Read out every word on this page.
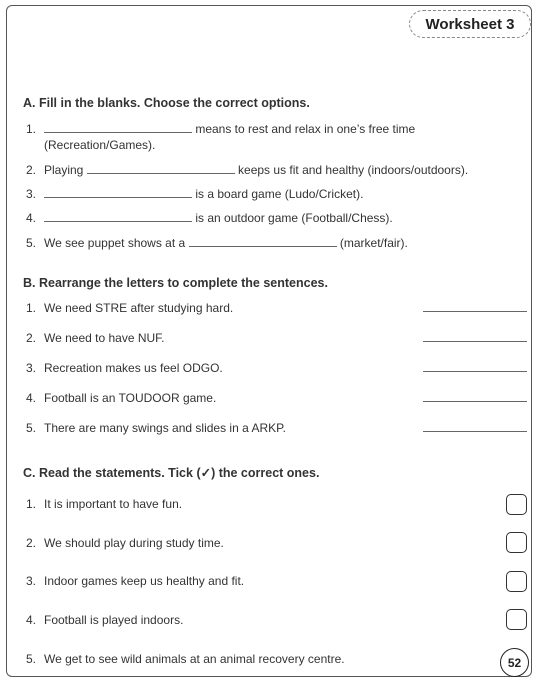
Worksheet 3
A. Fill in the blanks. Choose the correct options.
1.	means to rest and relax in one’s free time
(Recreation/Games).
2. Playing	keeps us fit and healthy (indoors/outdoors).
3.	is a board game (Ludo/Cricket).
4.	is an outdoor game (Football/Chess).
5. We see puppet shows at a	(market/fair).
B. Rearrange the letters to complete the sentences.
1. We need STRE after studying hard.
2. We need to have NUF.
3. Recreation makes us feel ODGO.
4. Football is an TOUDOOR game.
5. There are many swings and slides in a ARKP.
C. Read the statements. Tick (✓) the correct ones.
1. It is important to have fun.
2. We should play during study time.
3. Indoor games keep us healthy and fit.
4. Football is played indoors.
5. We get to see wild animals at an animal recovery centre.	52
